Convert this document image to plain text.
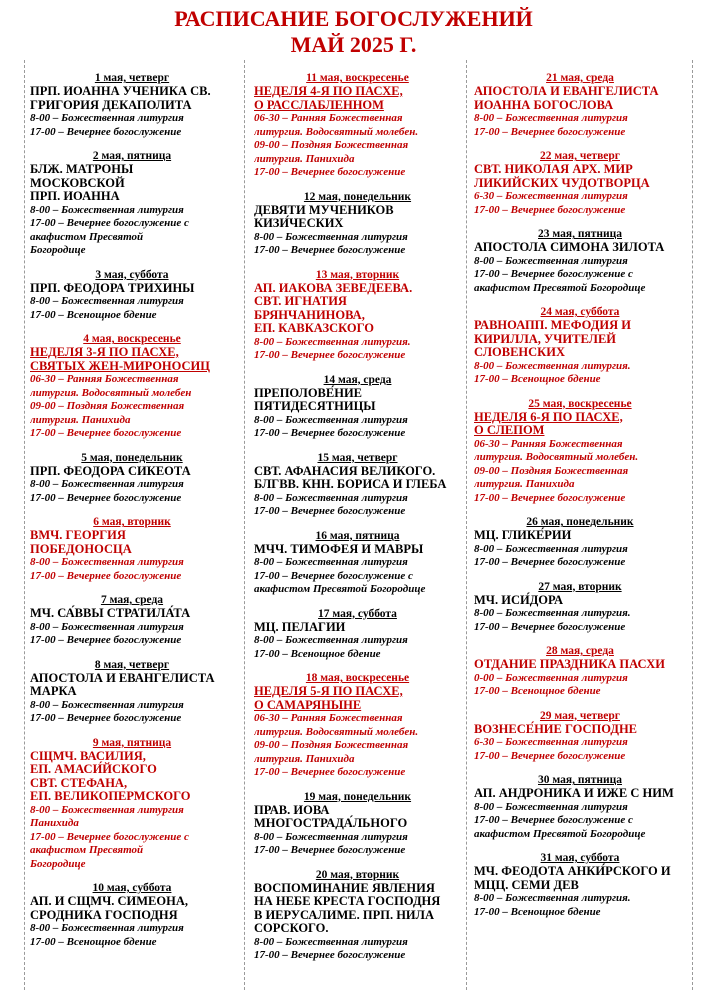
РАСПИСАНИЕ БОГОСЛУЖЕНИЙ
МАЙ 2025 Г.
1 мая, четверг
ПРП. ИОАННА УЧЕНИКА СВ.
ГРИГОРИЯ ДЕКАПОЛИТА
8-00 – Божественная литургия
17-00 – Вечернее богослужение
2 мая, пятница
БЛЖ. МАТРОНЫ
МОСКОВСКОЙ
ПРП. ИОАННА
8-00 – Божественная литургия
17-00 – Вечернее богослужение с
акафистом Пресвятой
Богородице
3 мая, суббота
ПРП. ФЕОДОРА ТРИХИНЫ
8-00 – Божественная литургия
17-00 – Всенощное бдение
4 мая, воскресенье
НЕДЕЛЯ 3-Я ПО ПАСХЕ,
СВЯТЫХ ЖЕН-МИРОНОСИЦ
06-30 – Ранняя Божественная
литургия. Водосвятный молебен
09-00 – Поздняя Божественная
литургия. Панихида
17-00 – Вечернее богослужение
5 мая, понедельник
ПРП. ФЕОДОРА СИКЕОТА
8-00 – Божественная литургия
17-00 – Вечернее богослужение
6 мая, вторник
ВМЧ. ГЕОРГИЯ
ПОБЕДОНОСЦА
8-00 – Божественная литургия
17-00 – Вечернее богослужение
7 мая, среда
МЧ. СА́ВВЫ СТРАТИЛА́ТА
8-00 – Божественная литургия
17-00 – Вечернее богослужение
8 мая, четверг
АПОСТОЛА И ЕВАНГЕЛИСТА
МАРКА
8-00 – Божественная литургия
17-00 – Вечернее богослужение
9 мая, пятница
СЩМЧ. ВАСИЛИЯ,
ЕП. АМАСИ́ЙСКОГО
СВТ. СТЕФАНА,
ЕП. ВЕЛИКОПЕРМСКОГО
8-00 – Божественная литургия
Панихида
17-00 – Вечернее богослужение с
акафистом Пресвятой
Богородице
10 мая, суббота
АП. И СЩМЧ. СИМЕОНА,
СРОДНИКА ГОСПОДНЯ
8-00 – Божественная литургия
17-00 – Всенощное бдение
11 мая, воскресенье
НЕДЕЛЯ 4-Я ПО ПАСХЕ,
О РАССЛАБЛЕННОМ
06-30 – Ранняя Божественная
литургия. Водосвятный молебен.
09-00 – Поздняя Божественная
литургия. Панихида
17-00 – Вечернее богослужение
12 мая, понедельник
ДЕВЯТИ МУЧЕНИКОВ
КИЗИ́ЧЕСКИХ
8-00 – Божественная литургия
17-00 – Вечернее богослужение
13 мая, вторник
АП. ИАКОВА ЗЕВЕДЕЕВА.
СВТ. ИГНАТИЯ
БРЯНЧАНИНОВА,
ЕП. КАВКАЗСКОГО
8-00 – Божественная литургия.
17-00 – Вечернее богослужение
14 мая, среда
ПРЕПОЛОВЕ́НИЕ
ПЯТИДЕСЯТНИЦЫ
8-00 – Божественная литургия
17-00 – Вечернее богослужение
15 мая, четверг
СВТ. АФАНАСИЯ ВЕЛИКОГО.
БЛГВВ. КНН. БОРИСА И ГЛЕБА
8-00 – Божественная литургия
17-00 – Вечернее богослужение
16 мая, пятница
МЧЧ. ТИМОФЕЯ И МАВРЫ
8-00 – Божественная литургия
17-00 – Вечернее богослужение с
акафистом Пресвятой Богородице
17 мая, суббота
МЦ. ПЕЛАГИИ
8-00 – Божественная литургия
17-00 – Всенощное бдение
18 мая, воскресенье
НЕДЕЛЯ 5-Я ПО ПАСХЕ,
О САМАРЯНЫНЕ
06-30 – Ранняя Божественная
литургия. Водосвятный молебен.
09-00 – Поздняя Божественная
литургия. Панихида
17-00 – Вечернее богослужение
19 мая, понедельник
ПРАВ. ИОВА
МНОГОСТРАДА́ЛЬНОГО
8-00 – Божественная литургия
17-00 – Вечернее богослужение
20 мая, вторник
ВОСПОМИНАНИЕ ЯВЛЕНИЯ
НА НЕБЕ КРЕСТА ГОСПОДНЯ
В ИЕРУСАЛИМЕ. ПРП. НИЛА
СОРСКОГО.
8-00 – Божественная литургия
17-00 – Вечернее богослужение
21 мая, среда
АПОСТОЛА И ЕВАНГЕЛИСТА
ИОАННА БОГОСЛОВА
8-00 – Божественная литургия
17-00 – Вечернее богослужение
22 мая, четверг
СВТ. НИКОЛАЯ АРХ. МИР
ЛИКИЙСКИХ ЧУДОТВОРЦА
6-30 – Божественная литургия
17-00 – Вечернее богослужение
23 мая, пятница
АПОСТОЛА СИМОНА ЗИЛОТА
8-00 – Божественная литургия
17-00 – Вечернее богослужение с
акафистом Пресвятой Богородице
24 мая, суббота
РАВНОАПП. МЕФОДИЯ И
КИРИЛЛА, УЧИТЕЛЕЙ
СЛОВЕНСКИХ
8-00 – Божественная литургия.
17-00 – Всенощное бдение
25 мая, воскресенье
НЕДЕЛЯ 6-Я ПО ПАСХЕ,
О СЛЕПОМ
06-30 – Ранняя Божественная
литургия. Водосвятный молебен.
09-00 – Поздняя Божественная
литургия. Панихида
17-00 – Вечернее богослужение
26 мая, понедельник
МЦ. ГЛИКЕ́РИИ
8-00 – Божественная литургия
17-00 – Вечернее богослужение
27 мая, вторник
МЧ. ИСИ́ДОРА
8-00 – Божественная литургия.
17-00 – Вечернее богослужение
28 мая, среда
ОТДАНИЕ ПРАЗДНИКА ПАСХИ
0-00 – Божественная литургия
17-00 – Всенощное бдение
29 мая, четверг
ВОЗНЕСЕ́НИЕ ГОСПОДНЕ
6-30 – Божественная литургия
17-00 – Вечернее богослужение
30 мая, пятница
АП. АНДРОНИКА И ИЖЕ С НИМ
8-00 – Божественная литургия
17-00 – Вечернее богослужение с
акафистом Пресвятой Богородице
31 мая, суббота
МЧ. ФЕОДОТА АНКИ́РСКОГО И
МЦЦ. СЕМИ ДЕВ
8-00 – Божественная литургия.
17-00 – Всенощное бдение
